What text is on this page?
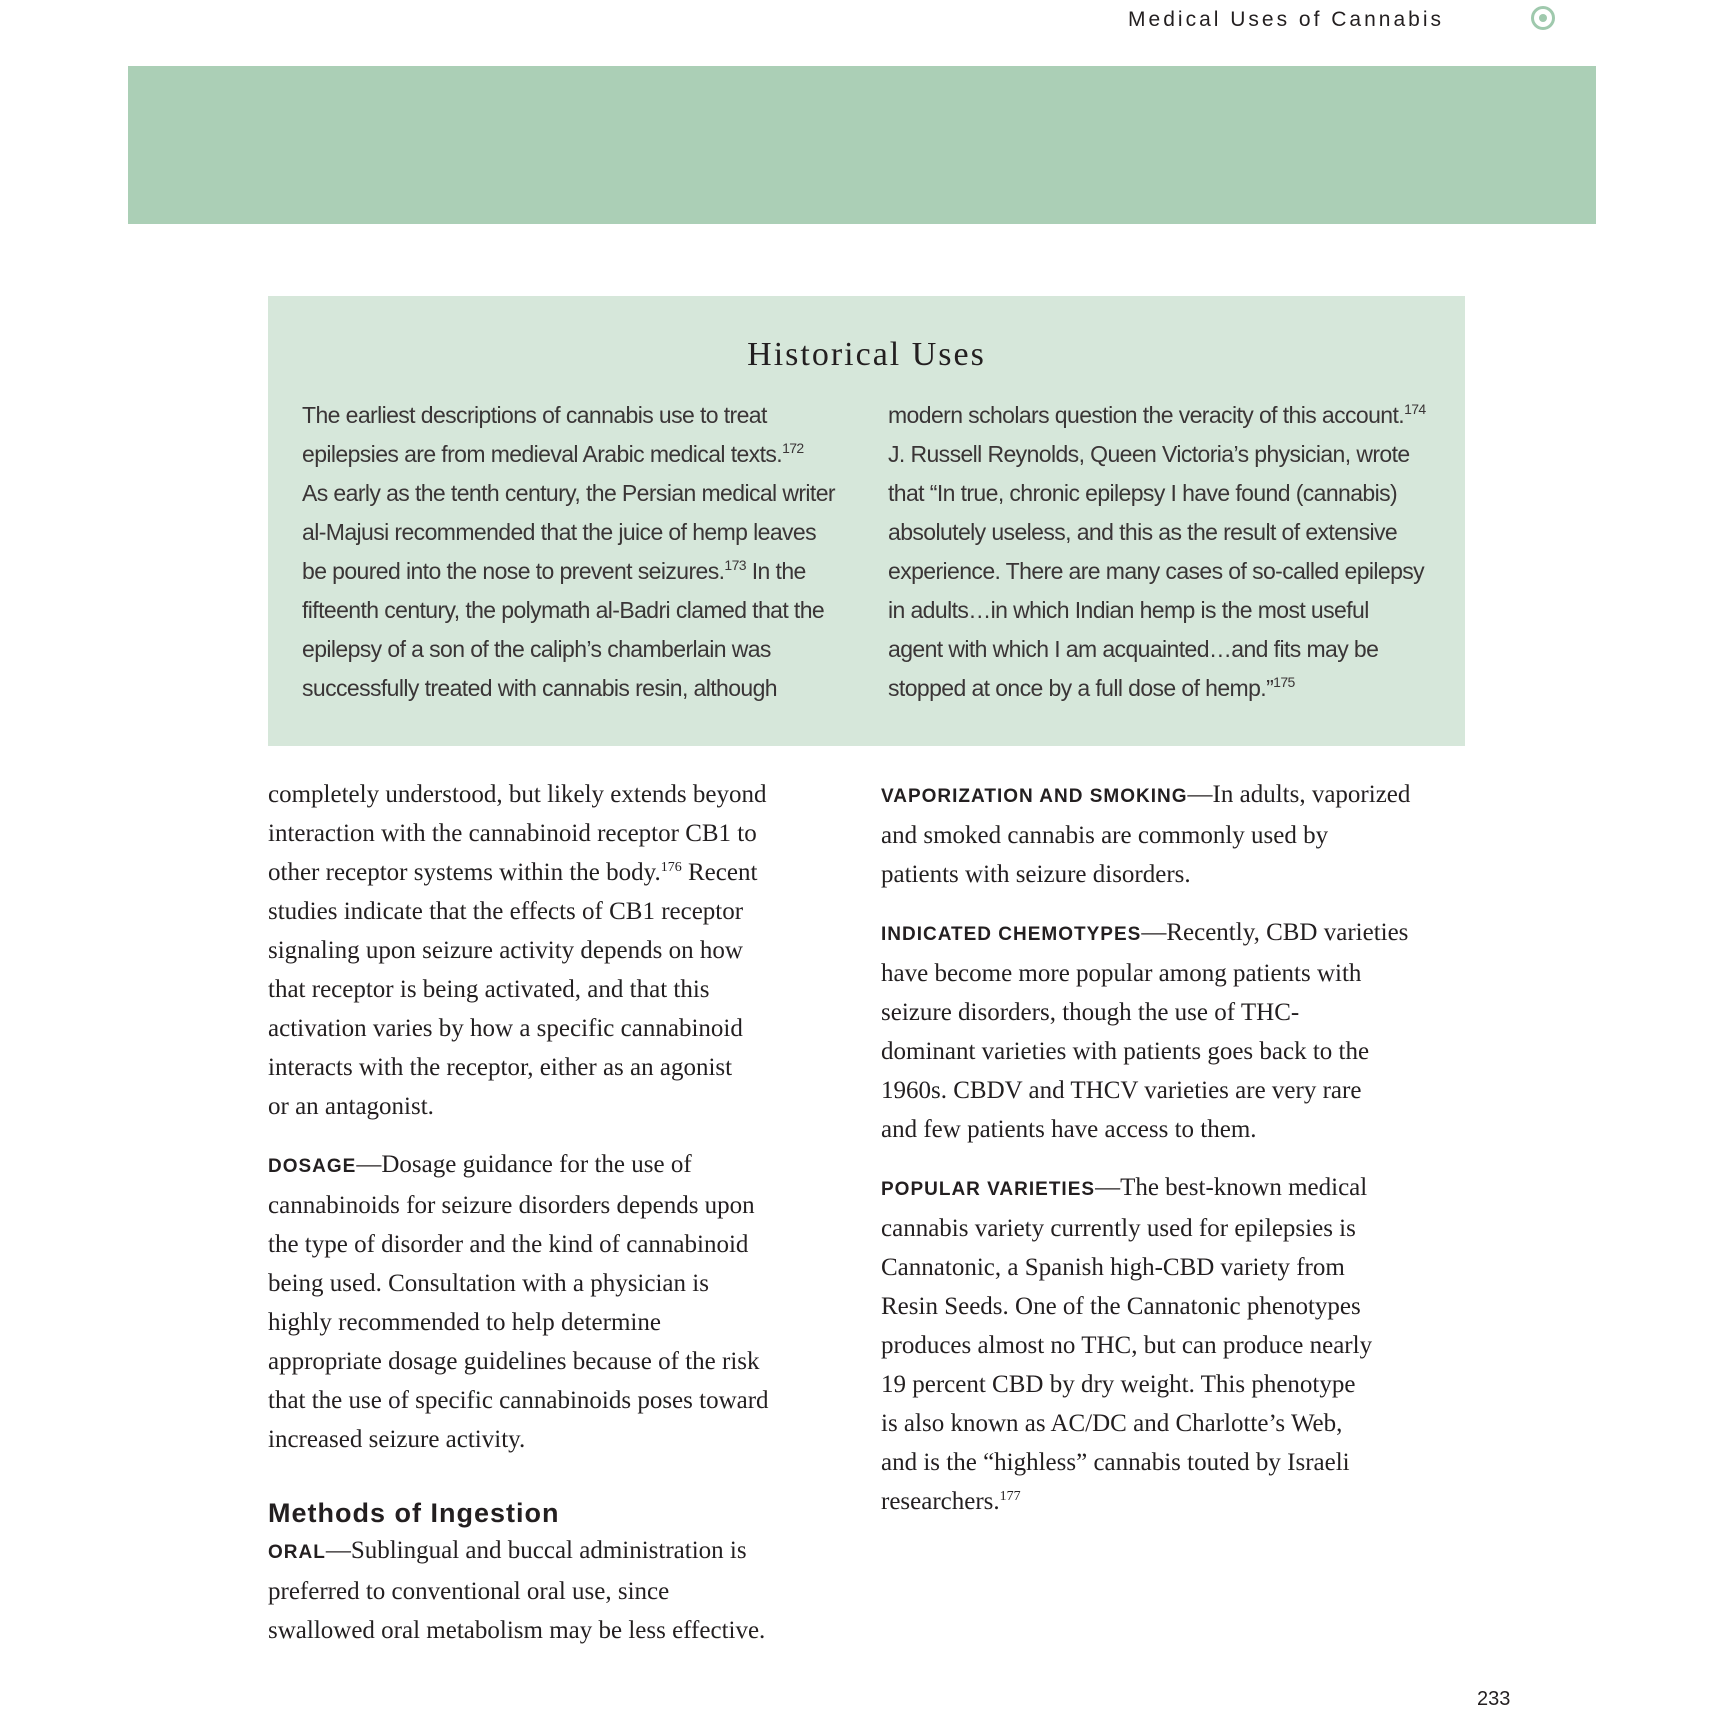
Medical Uses of Cannabis
Historical Uses

The earliest descriptions of cannabis use to treat
epilepsies are from medieval Arabic medical texts.$^{172}$
As early as the tenth century, the Persian medical writer
al-Majusi recommended that the juice of hemp leaves
be poured into the nose to prevent seizures.$^{173}$ In the
fifteenth century, the polymath al-Badri clamed that the
epilepsy of a son of the caliph’s chamberlain was
successfully treated with cannabis resin, although

modern scholars question the veracity of this account.$^{174}$
J. Russell Reynolds, Queen Victoria’s physician, wrote
that “In true, chronic epilepsy I have found (cannabis)
absolutely useless, and this as the result of extensive
experience. There are many cases of so-called epilepsy
in adults…in which Indian hemp is the most useful
agent with which I am acquainted…and fits may be
stopped at once by a full dose of hemp.”$^{175}$

completely understood, but likely extends beyond
interaction with the cannabinoid receptor CB1 to
other receptor systems within the body.$^{176}$ Recent
studies indicate that the effects of CB1 receptor
signaling upon seizure activity depends on how
that receptor is being activated, and that this
activation varies by how a specific cannabinoid
interacts with the receptor, either as an agonist
or an antagonist.

DOSAGE—Dosage guidance for the use of
cannabinoids for seizure disorders depends upon
the type of disorder and the kind of cannabinoid
being used. Consultation with a physician is
highly recommended to help determine
appropriate dosage guidelines because of the risk
that the use of specific cannabinoids poses toward
increased seizure activity.

Methods of Ingestion

ORAL—Sublingual and buccal administration is
preferred to conventional oral use, since
swallowed oral metabolism may be less effective.

VAPORIZATION AND SMOKING—In adults, vaporized
and smoked cannabis are commonly used by
patients with seizure disorders.

INDICATED CHEMOTYPES—Recently, CBD varieties
have become more popular among patients with
seizure disorders, though the use of THC-
dominant varieties with patients goes back to the
1960s. CBDV and THCV varieties are very rare
and few patients have access to them.

POPULAR VARIETIES—The best-known medical
cannabis variety currently used for epilepsies is
Cannatonic, a Spanish high-CBD variety from
Resin Seeds. One of the Cannatonic phenotypes
produces almost no THC, but can produce nearly
19 percent CBD by dry weight. This phenotype
is also known as AC/DC and Charlotte’s Web,
and is the “highless” cannabis touted by Israeli
researchers.$^{177}$

233
